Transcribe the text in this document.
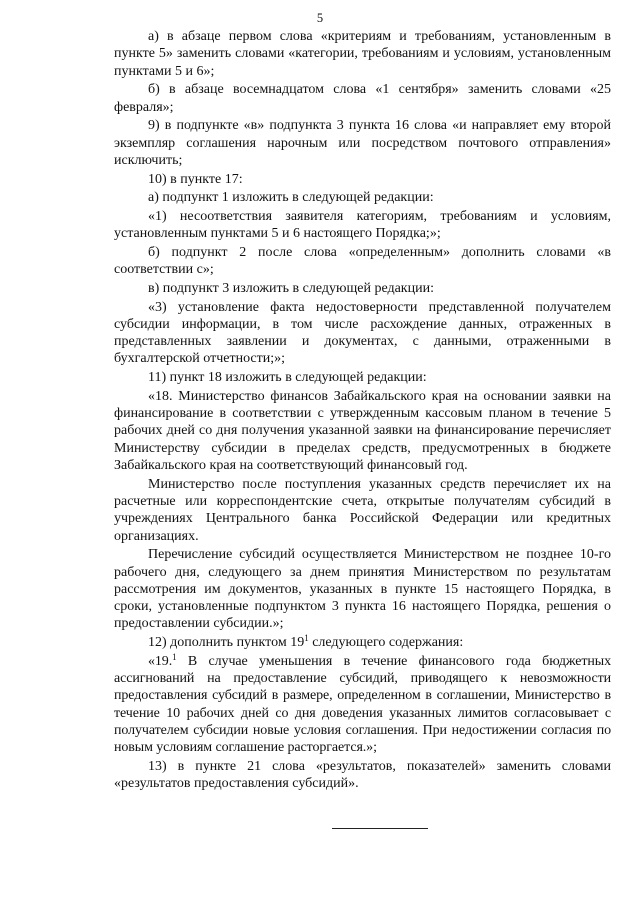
5

а) в абзаце первом слова «критериям и требованиям, установленным в пункте 5» заменить словами «категории, требованиям и условиям, установленным пунктами 5 и 6»;

б) в абзаце восемнадцатом слова «1 сентября» заменить словами «25 февраля»;

9) в подпункте «в» подпункта 3 пункта 16 слова «и направляет ему второй экземпляр соглашения нарочным или посредством почтового отправления» исключить;

10) в пункте 17:

а) подпункт 1 изложить в следующей редакции:

«1) несоответствия заявителя категориям, требованиям и условиям, установленным пунктами 5 и 6 настоящего Порядка;»;

б) подпункт 2 после слова «определенным» дополнить словами «в соответствии с»;

в) подпункт 3 изложить в следующей редакции:

«3) установление факта недостоверности представленной получателем субсидии информации, в том числе расхождение данных, отраженных в представленных заявлении и документах, с данными, отраженными в бухгалтерской отчетности;»;

11) пункт 18 изложить в следующей редакции:

«18. Министерство финансов Забайкальского края на основании заявки на финансирование в соответствии с утвержденным кассовым планом в течение 5 рабочих дней со дня получения указанной заявки на финансирование перечисляет Министерству субсидии в пределах средств, предусмотренных в бюджете Забайкальского края на соответствующий финансовый год.

Министерство после поступления указанных средств перечисляет их на расчетные или корреспондентские счета, открытые получателям субсидий в учреждениях Центрального банка Российской Федерации или кредитных организациях.

Перечисление субсидий осуществляется Министерством не позднее 10-го рабочего дня, следующего за днем принятия Министерством по результатам рассмотрения им документов, указанных в пункте 15 настоящего Порядка, в сроки, установленные подпунктом 3 пункта 16 настоящего Порядка, решения о предоставлении субсидии.»;

12) дополнить пунктом $19^1$ следующего содержания:

«19.$^1$ В случае уменьшения в течение финансового года бюджетных ассигнований на предоставление субсидий, приводящего к невозможности предоставления субсидий в размере, определенном в соглашении, Министерство в течение 10 рабочих дней со дня доведения указанных лимитов согласовывает с получателем субсидии новые условия соглашения. При недостижении согласия по новым условиям соглашение расторгается.»;

13) в пункте 21 слова «результатов, показателей» заменить словами «результатов предоставления субсидий».
